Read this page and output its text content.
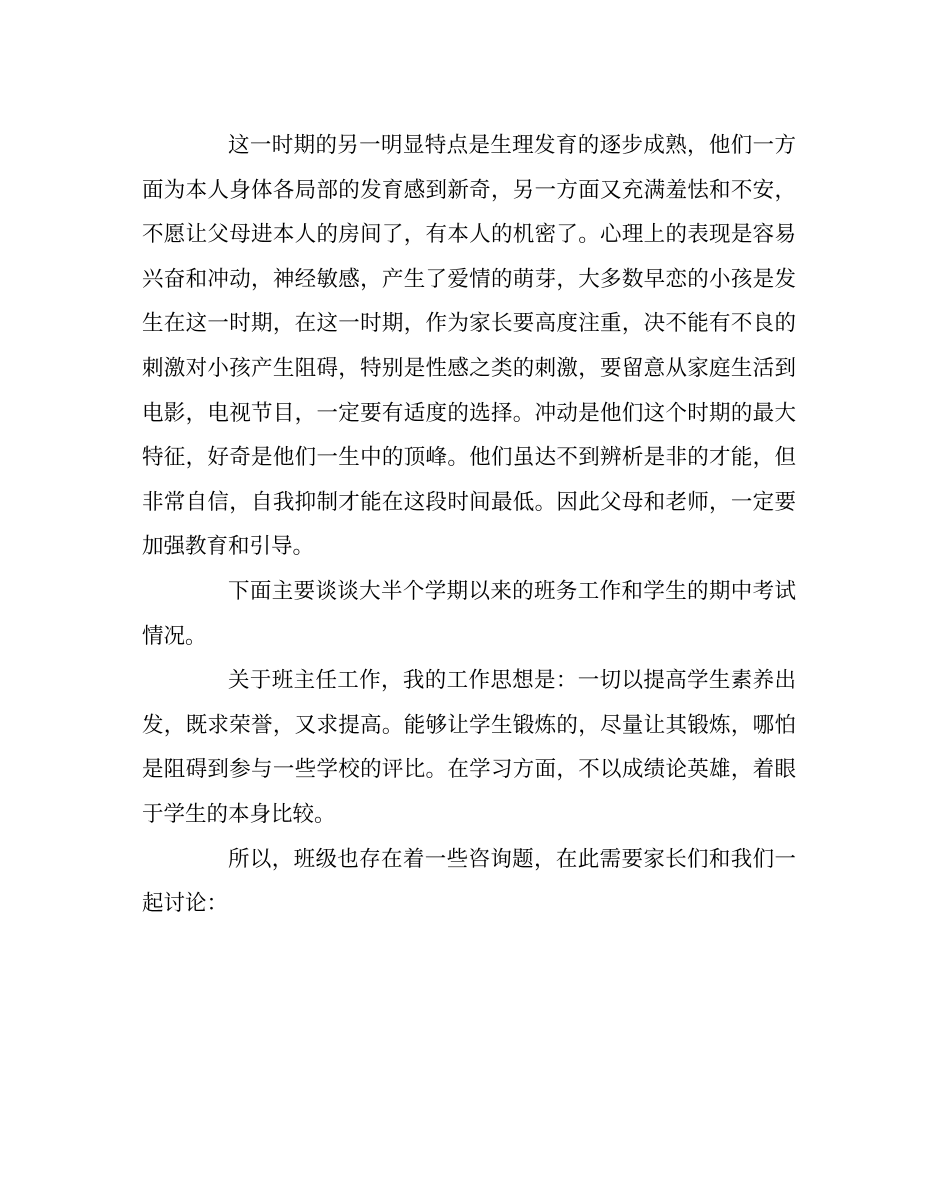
这一时期的另一明显特点是生理发育的逐步成熟，他们一方面为本人身体各局部的发育感到新奇，另一方面又充满羞怯和不安，不愿让父母进本人的房间了，有本人的机密了。心理上的表现是容易兴奋和冲动，神经敏感，产生了爱情的萌芽，大多数早恋的小孩是发生在这一时期，在这一时期，作为家长要高度注重，决不能有不良的刺激对小孩产生阻碍，特别是性感之类的刺激，要留意从家庭生活到电影，电视节目，一定要有适度的选择。冲动是他们这个时期的最大特征，好奇是他们一生中的顶峰。他们虽达不到辨析是非的才能，但非常自信，自我抑制才能在这段时间最低。因此父母和老师，一定要加强教育和引导。

下面主要谈谈大半个学期以来的班务工作和学生的期中考试情况。

关于班主任工作，我的工作思想是：一切以提高学生素养出发，既求荣誉，又求提高。能够让学生锻炼的，尽量让其锻炼，哪怕是阻碍到参与一些学校的评比。在学习方面，不以成绩论英雄，着眼于学生的本身比较。

所以，班级也存在着一些咨询题，在此需要家长们和我们一起讨论：
